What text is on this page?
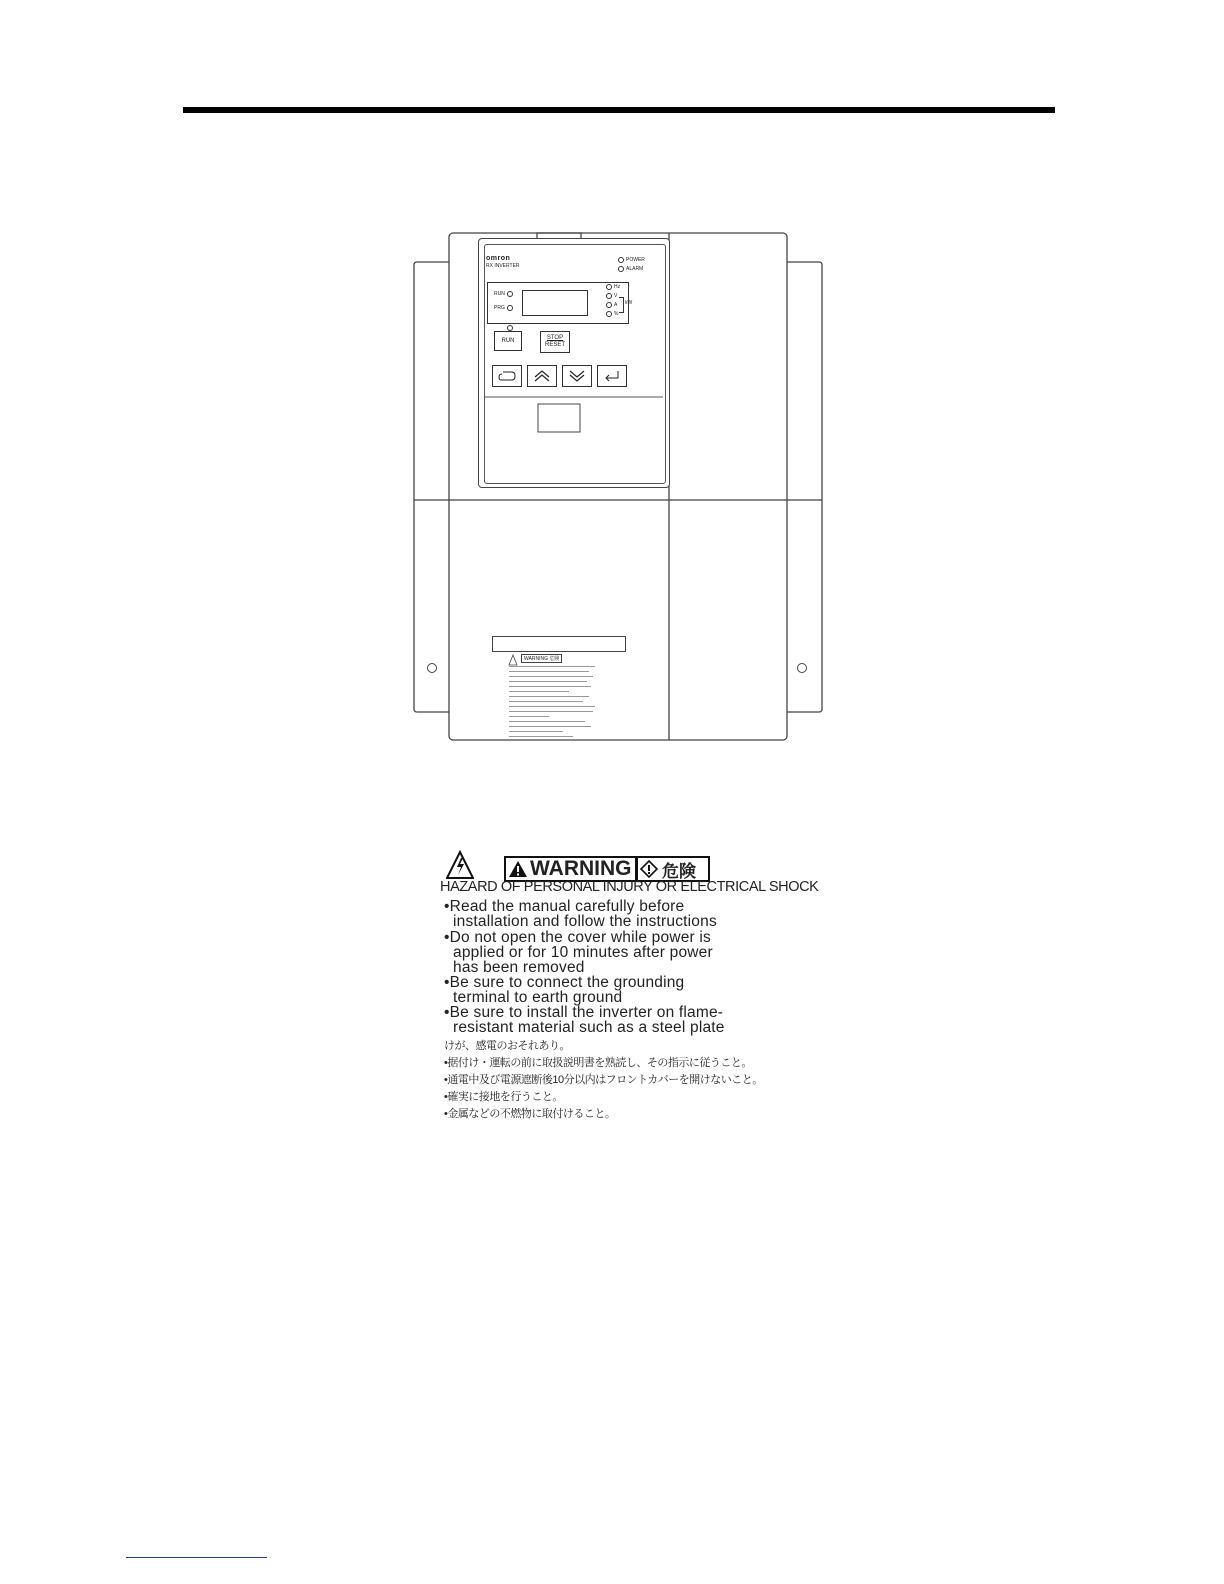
omron
RX INVERTER
POWER
ALARM
RUN
PRG
Hz
V
A
%
kW
RUN	STOP
RESET
WARNING 危険
WARNING 危険
HAZARD OF PERSONAL INJURY OR ELECTRICAL SHOCK
•Read the manual carefully before
installation and follow the instructions
•Do not open the cover while power is
applied or for 10 minutes after power
has been removed
•Be sure to connect the grounding
terminal to earth ground
•Be sure to install the inverter on flame-
resistant material such as a steel plate
けが、感電のおそれあり。
•据付け・運転の前に取扱説明書を熟読し、その指示に従うこと。
•通電中及び電源遮断後10分以内はフロントカバーを開けないこと。
•確実に接地を行うこと。
•金属などの不燃物に取付けること。
